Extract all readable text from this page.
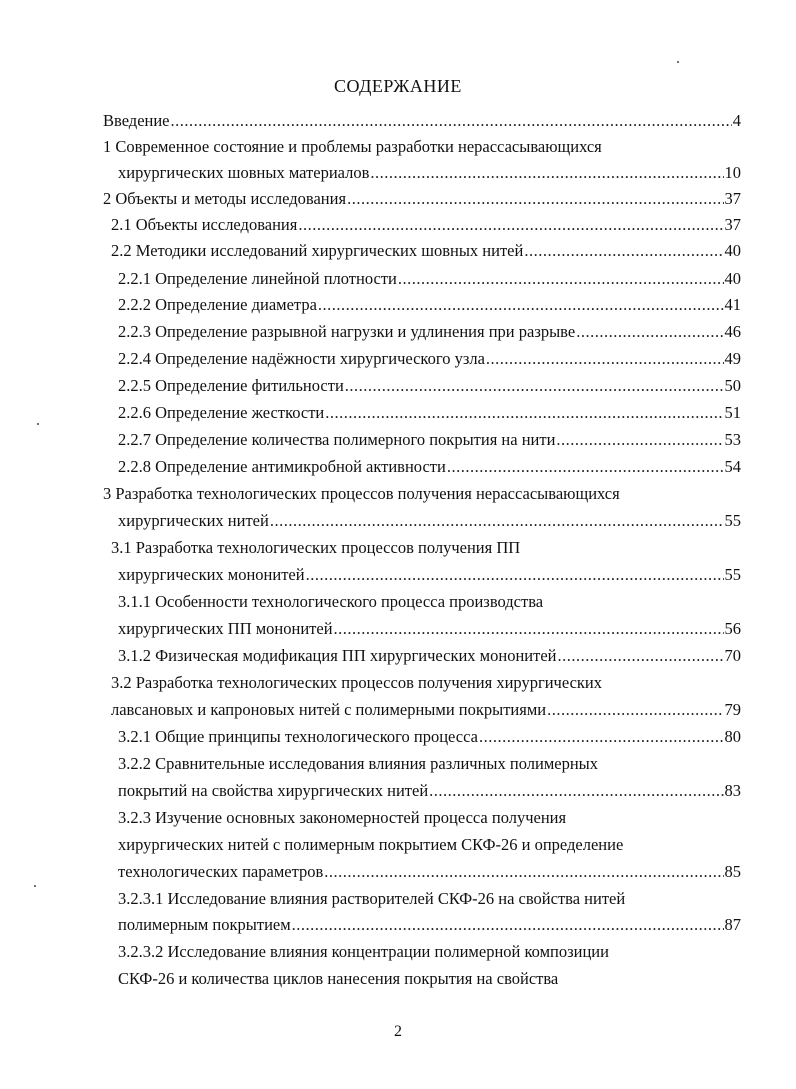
СОДЕРЖАНИЕ
Введение .....	4
1 Современное состояние и проблемы разработки нерассасывающихся
хирургических шовных материалов .....	10
2 Объекты и методы исследования .....	37
2.1 Объекты исследования .....	37
2.2 Методики исследований хирургических шовных нитей .....	40
2.2.1 Определение линейной плотности .....	40
2.2.2 Определение диаметра .....	41
2.2.3 Определение разрывной нагрузки и удлинения при разрыве .....	46
2.2.4 Определение надёжности хирургического узла .....	49
2.2.5 Определение фитильности .....	50
2.2.6 Определение жесткости .....	51
2.2.7 Определение количества полимерного покрытия на нити .....	53
2.2.8 Определение антимикробной активности .....	54
3 Разработка технологических процессов получения нерассасывающихся
хирургических нитей .....	55
3.1 Разработка технологических процессов получения ПП
хирургических мононитей .....	55
3.1.1 Особенности технологического процесса производства
хирургических ПП мононитей .....	56
3.1.2 Физическая модификация ПП хирургических мононитей .....	70
3.2 Разработка технологических процессов получения хирургических
лавсановых и капроновых нитей с полимерными покрытиями .....	79
3.2.1 Общие принципы технологического процесса .....	80
3.2.2 Сравнительные исследования влияния различных полимерных
покрытий на свойства хирургических нитей .....	83
3.2.3 Изучение основных закономерностей процесса получения
хирургических нитей с полимерным покрытием СКФ-26 и определение
технологических параметров .....	85
3.2.3.1 Исследование влияния растворителей СКФ-26 на свойства нитей
полимерным покрытием .....	87
3.2.3.2 Исследование влияния концентрации полимерной композиции
СКФ-26 и количества циклов нанесения покрытия на свойства
2
